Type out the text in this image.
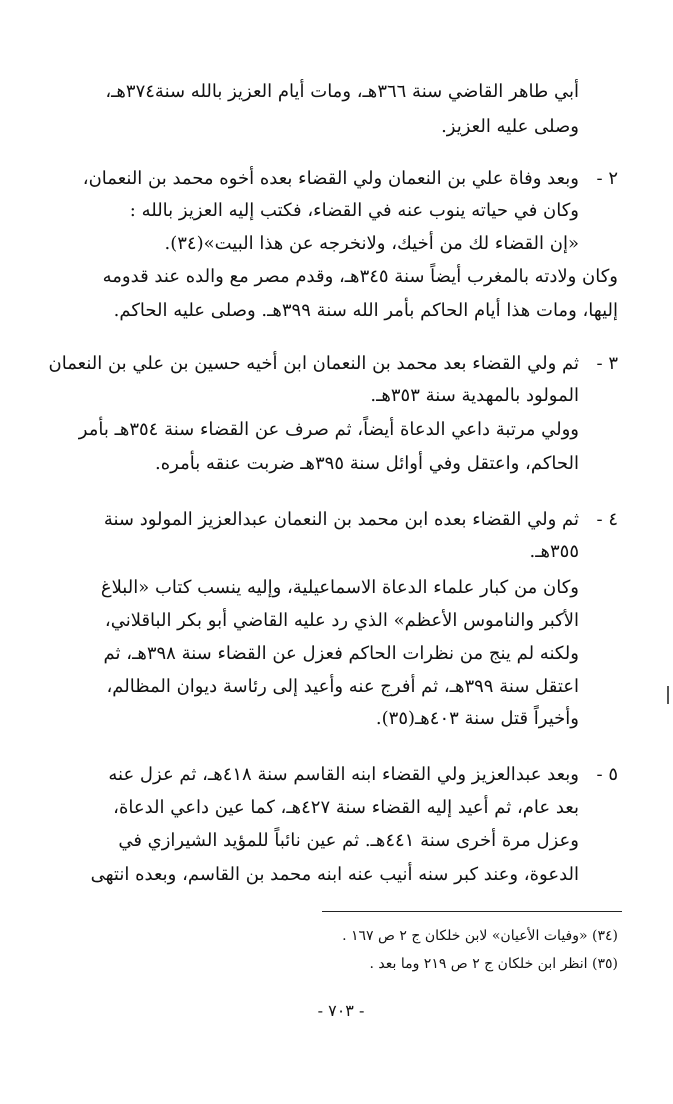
أبي طاهر القاضي سنة ٣٦٦هـ، ومات أيام العزيز بالله سنة٣٧٤هـ،
وصلى عليه العزيز.
٢ -
وبعد وفاة علي بن النعمان ولي القضاء بعده أخوه محمد بن النعمان،
وكان في حياته ينوب عنه في القضاء، فكتب إليه العزيز بالله :
«إن القضاء لك من أخيك، ولانخرجه عن هذا البيت»(٣٤).
وكان ولادته بالمغرب أيضاً سنة ٣٤٥هـ، وقدم مصر مع والده عند قدومه
إليها، ومات هذا أيام الحاكم بأمر الله سنة ٣٩٩هـ. وصلى عليه الحاكم.
٣ -
ثم ولي القضاء بعد محمد بن النعمان ابن أخيه حسين بن علي بن النعمان
المولود بالمهدية سنة ٣٥٣هـ.
وولي مرتبة داعي الدعاة أيضاً، ثم صرف عن القضاء سنة ٣٥٤هـ بأمر
الحاكم، واعتقل وفي أوائل سنة ٣٩٥هـ ضربت عنقه بأمره.
٤ -
ثم ولي القضاء بعده ابن محمد بن النعمان عبدالعزيز المولود سنة
٣٥٥هـ.
وكان من كبار علماء الدعاة الاسماعيلية، وإليه ينسب كتاب «البلاغ
الأكبر والناموس الأعظم» الذي رد عليه القاضي أبو بكر الباقلاني،
ولكنه لم ينج من نظرات الحاكم فعزل عن القضاء سنة ٣٩٨هـ، ثم
اعتقل سنة ٣٩٩هـ، ثم أفرج عنه وأعيد إلى رئاسة ديوان المظالم،
وأخيراً قتل سنة ٤٠٣هـ(٣٥).
٥ -
وبعد عبدالعزيز ولي القضاء ابنه القاسم سنة ٤١٨هـ، ثم عزل عنه
بعد عام، ثم أعيد إليه القضاء سنة ٤٢٧هـ، كما عين داعي الدعاة،
وعزل مرة أخرى سنة ٤٤١هـ. ثم عين نائباً للمؤيد الشيرازي في
الدعوة، وعند كبر سنه أنيب عنه ابنه محمد بن القاسم، وبعده انتهى
(٣٤) «وفيات الأعيان» لابن خلكان ج ٢ ص ١٦٧ .
(٣٥) انظر ابن خلكان ج ٢ ص ٢١٩ وما بعد .
- ٧٠٣ -
